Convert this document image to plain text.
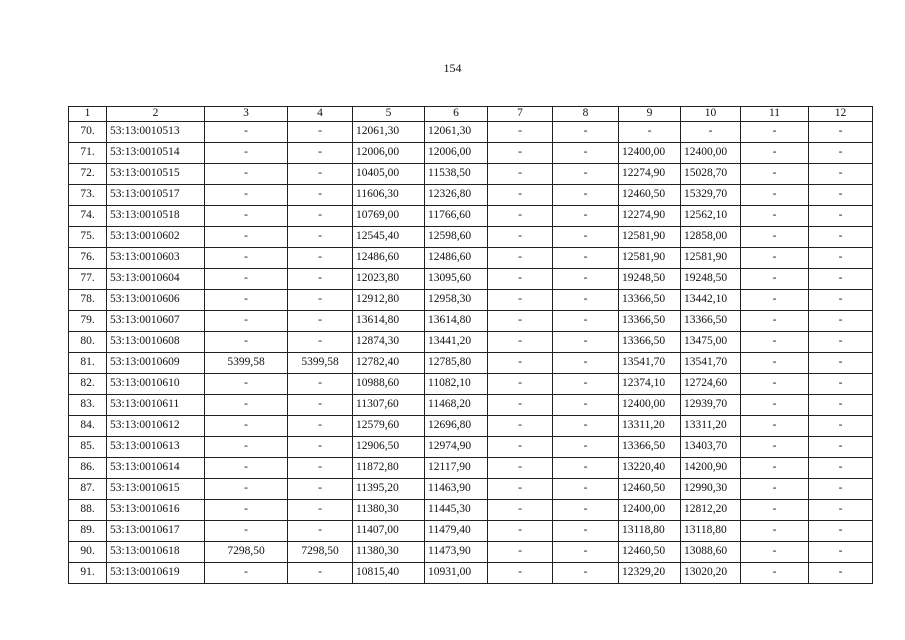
154
1	2	3	4	5	6	7	8	9	10	11	12
70.	53:13:0010513	-	-	12061,30	12061,30	-	-	-	-	-	-
71.	53:13:0010514	-	-	12006,00	12006,00	-	-	12400,00	12400,00	-	-
72.	53:13:0010515	-	-	10405,00	11538,50	-	-	12274,90	15028,70	-	-
73.	53:13:0010517	-	-	11606,30	12326,80	-	-	12460,50	15329,70	-	-
74.	53:13:0010518	-	-	10769,00	11766,60	-	-	12274,90	12562,10	-	-
75.	53:13:0010602	-	-	12545,40	12598,60	-	-	12581,90	12858,00	-	-
76.	53:13:0010603	-	-	12486,60	12486,60	-	-	12581,90	12581,90	-	-
77.	53:13:0010604	-	-	12023,80	13095,60	-	-	19248,50	19248,50	-	-
78.	53:13:0010606	-	-	12912,80	12958,30	-	-	13366,50	13442,10	-	-
79.	53:13:0010607	-	-	13614,80	13614,80	-	-	13366,50	13366,50	-	-
80.	53:13:0010608	-	-	12874,30	13441,20	-	-	13366,50	13475,00	-	-
81.	53:13:0010609	5399,58	5399,58	12782,40	12785,80	-	-	13541,70	13541,70	-	-
82.	53:13:0010610	-	-	10988,60	11082,10	-	-	12374,10	12724,60	-	-
83.	53:13:0010611	-	-	11307,60	11468,20	-	-	12400,00	12939,70	-	-
84.	53:13:0010612	-	-	12579,60	12696,80	-	-	13311,20	13311,20	-	-
85.	53:13:0010613	-	-	12906,50	12974,90	-	-	13366,50	13403,70	-	-
86.	53:13:0010614	-	-	11872,80	12117,90	-	-	13220,40	14200,90	-	-
87.	53:13:0010615	-	-	11395,20	11463,90	-	-	12460,50	12990,30	-	-
88.	53:13:0010616	-	-	11380,30	11445,30	-	-	12400,00	12812,20	-	-
89.	53:13:0010617	-	-	11407,00	11479,40	-	-	13118,80	13118,80	-	-
90.	53:13:0010618	7298,50	7298,50	11380,30	11473,90	-	-	12460,50	13088,60	-	-
91.	53:13:0010619	-	-	10815,40	10931,00	-	-	12329,20	13020,20	-	-
